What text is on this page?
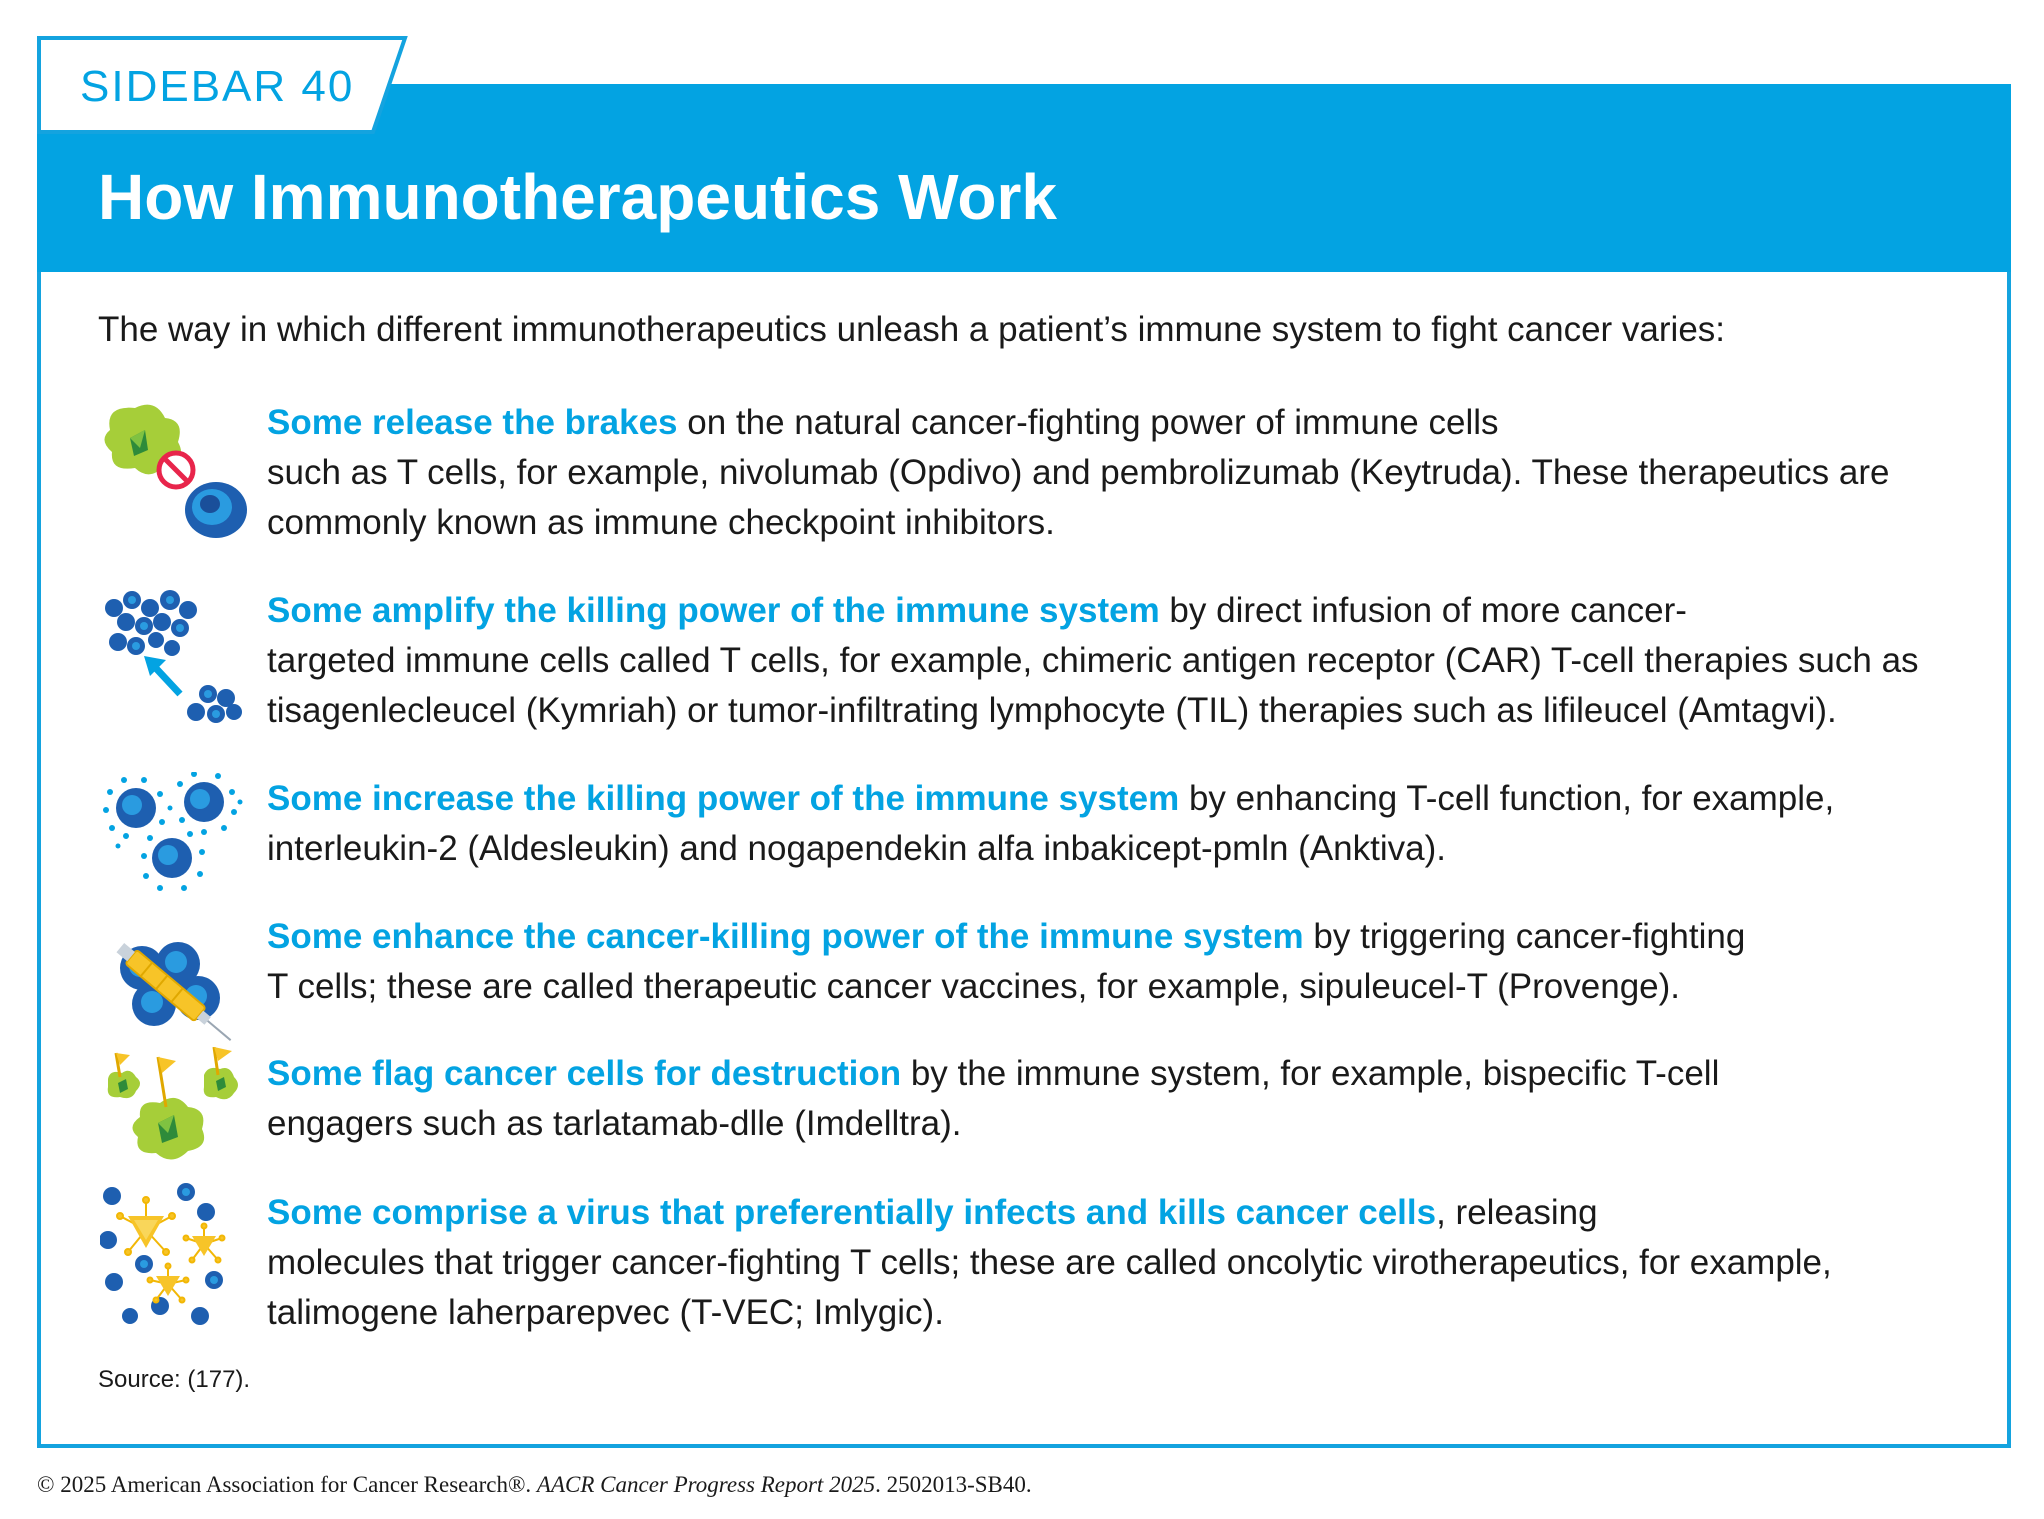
SIDEBAR 40
How Immunotherapeutics Work
The way in which different immunotherapeutics unleash a patient’s immune system to fight cancer varies:
Some release the brakes on the natural cancer-fighting power of immune cells
such as T cells, for example, nivolumab (Opdivo) and pembrolizumab (Keytruda). These therapeutics are
commonly known as immune checkpoint inhibitors.
Some amplify the killing power of the immune system by direct infusion of more cancer-
targeted immune cells called T cells, for example, chimeric antigen receptor (CAR) T-cell therapies such as
tisagenlecleucel (Kymriah) or tumor-infiltrating lymphocyte (TIL) therapies such as lifileucel (Amtagvi).
Some increase the killing power of the immune system by enhancing T-cell function, for example,
interleukin-2 (Aldesleukin) and nogapendekin alfa inbakicept-pmln (Anktiva).
Some enhance the cancer-killing power of the immune system by triggering cancer-fighting
T cells; these are called therapeutic cancer vaccines, for example, sipuleucel-T (Provenge).
Some flag cancer cells for destruction by the immune system, for example, bispecific T-cell
engagers such as tarlatamab-dlle (Imdelltra).
Some comprise a virus that preferentially infects and kills cancer cells, releasing
molecules that trigger cancer-fighting T cells; these are called oncolytic virotherapeutics, for example,
talimogene laherparepvec (T-VEC; Imlygic).
Source: (177).
© 2025 American Association for Cancer Research®. AACR Cancer Progress Report 2025. 2502013-SB40.
